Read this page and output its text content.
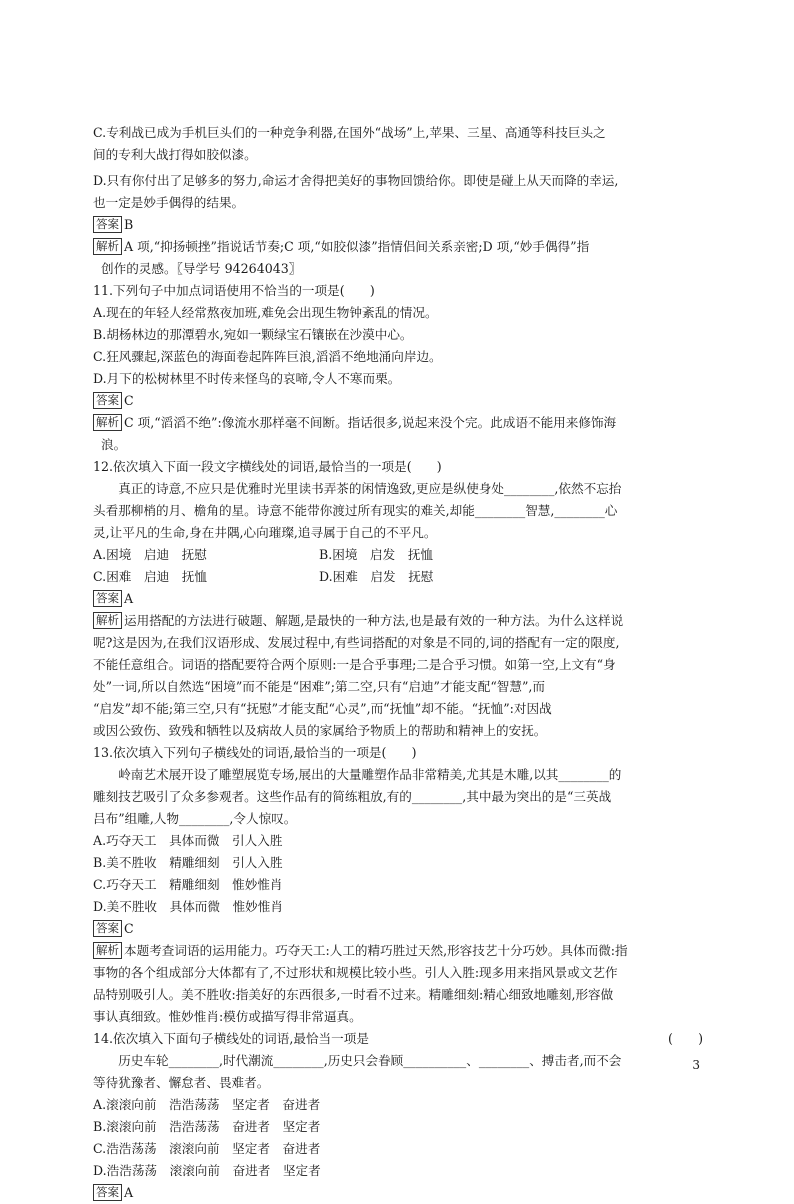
C.专利战已成为手机巨头们的一种竞争利器,在国外“战场”上,苹果、三星、高通等科技巨头之
间的专利大战打得如胶似漆。
D.只有你付出了足够多的努力,命运才舍得把美好的事物回馈给你。即使是碰上从天而降的幸运,
也一定是妙手偶得的结果。
答案 B
解析 A 项,“抑扬顿挫”指说话节奏;C 项,“如胶似漆”指情侣间关系亲密;D 项,“妙手偶得”指
创作的灵感。〖导学号 94264043〗
11.下列句子中加点词语使用不恰当的一项是(　　)
A.现在的年轻人经常熬夜加班,难免会出现生物钟紊乱的情况。
B.胡杨林边的那潭碧水,宛如一颗绿宝石镶嵌在沙漠中心。
C.狂风骤起,深蓝色的海面卷起阵阵巨浪,滔滔不绝地涌向岸边。
D.月下的松树林里不时传来怪鸟的哀啼,令人不寒而栗。
答案 C
解析 C 项,“滔滔不绝”:像流水那样毫不间断。指话很多,说起来没个完。此成语不能用来修饰海
浪。
12.依次填入下面一段文字横线处的词语,最恰当的一项是(　　)
真正的诗意,不应只是优雅时光里读书弄茶的闲情逸致,更应是纵使身处________,依然不忘抬
头看那柳梢的月、檐角的星。诗意不能带你渡过所有现实的难关,却能________智慧,________心
灵,让平凡的生命,身在井隅,心向璀璨,追寻属于自己的不平凡。
A.困境　启迪　抚慰	B.困境　启发　抚恤
C.困难　启迪　抚恤	D.困难　启发　抚慰
答案 A
解析 运用搭配的方法进行破题、解题,是最快的一种方法,也是最有效的一种方法。为什么这样说
呢?这是因为,在我们汉语形成、发展过程中,有些词搭配的对象是不同的,词的搭配有一定的限度,
不能任意组合。词语的搭配要符合两个原则:一是合乎事理;二是合乎习惯。如第一空,上文有“身
处”一词,所以自然选“困境”而不能是“困难”;第二空,只有“启迪”才能支配“智慧”,而
“启发”却不能;第三空,只有“抚慰”才能支配“心灵”,而“抚恤”却不能。“抚恤”:对因战
或因公致伤、致残和牺牲以及病故人员的家属给予物质上的帮助和精神上的安抚。
13.依次填入下列句子横线处的词语,最恰当的一项是(　　)
岭南艺术展开设了雕塑展览专场,展出的大量雕塑作品非常精美,尤其是木雕,以其________的
雕刻技艺吸引了众多参观者。这些作品有的简练粗放,有的________,其中最为突出的是“三英战
吕布”组雕,人物________,令人惊叹。
A.巧夺天工　具体而微　引人入胜
B.美不胜收　精雕细刻　引人入胜
C.巧夺天工　精雕细刻　惟妙惟肖
D.美不胜收　具体而微　惟妙惟肖
答案 C
解析 本题考查词语的运用能力。巧夺天工:人工的精巧胜过天然,形容技艺十分巧妙。具体而微:指
事物的各个组成部分大体都有了,不过形状和规模比较小些。引人入胜:现多用来指风景或文艺作
品特别吸引人。美不胜收:指美好的东西很多,一时看不过来。精雕细刻:精心细致地雕刻,形容做
事认真细致。惟妙惟肖:模仿或描写得非常逼真。
14.依次填入下面句子横线处的词语,最恰当一项是	(　　)
历史车轮________,时代潮流________,历史只会眷顾__________、________、搏击者,而不会
等待犹豫者、懈怠者、畏难者。
A.滚滚向前　浩浩荡荡　坚定者　奋进者
B.滚滚向前　浩浩荡荡　奋进者　坚定者
C.浩浩荡荡　滚滚向前　坚定者　奋进者
D.浩浩荡荡　滚滚向前　奋进者　坚定者
答案 A
3
